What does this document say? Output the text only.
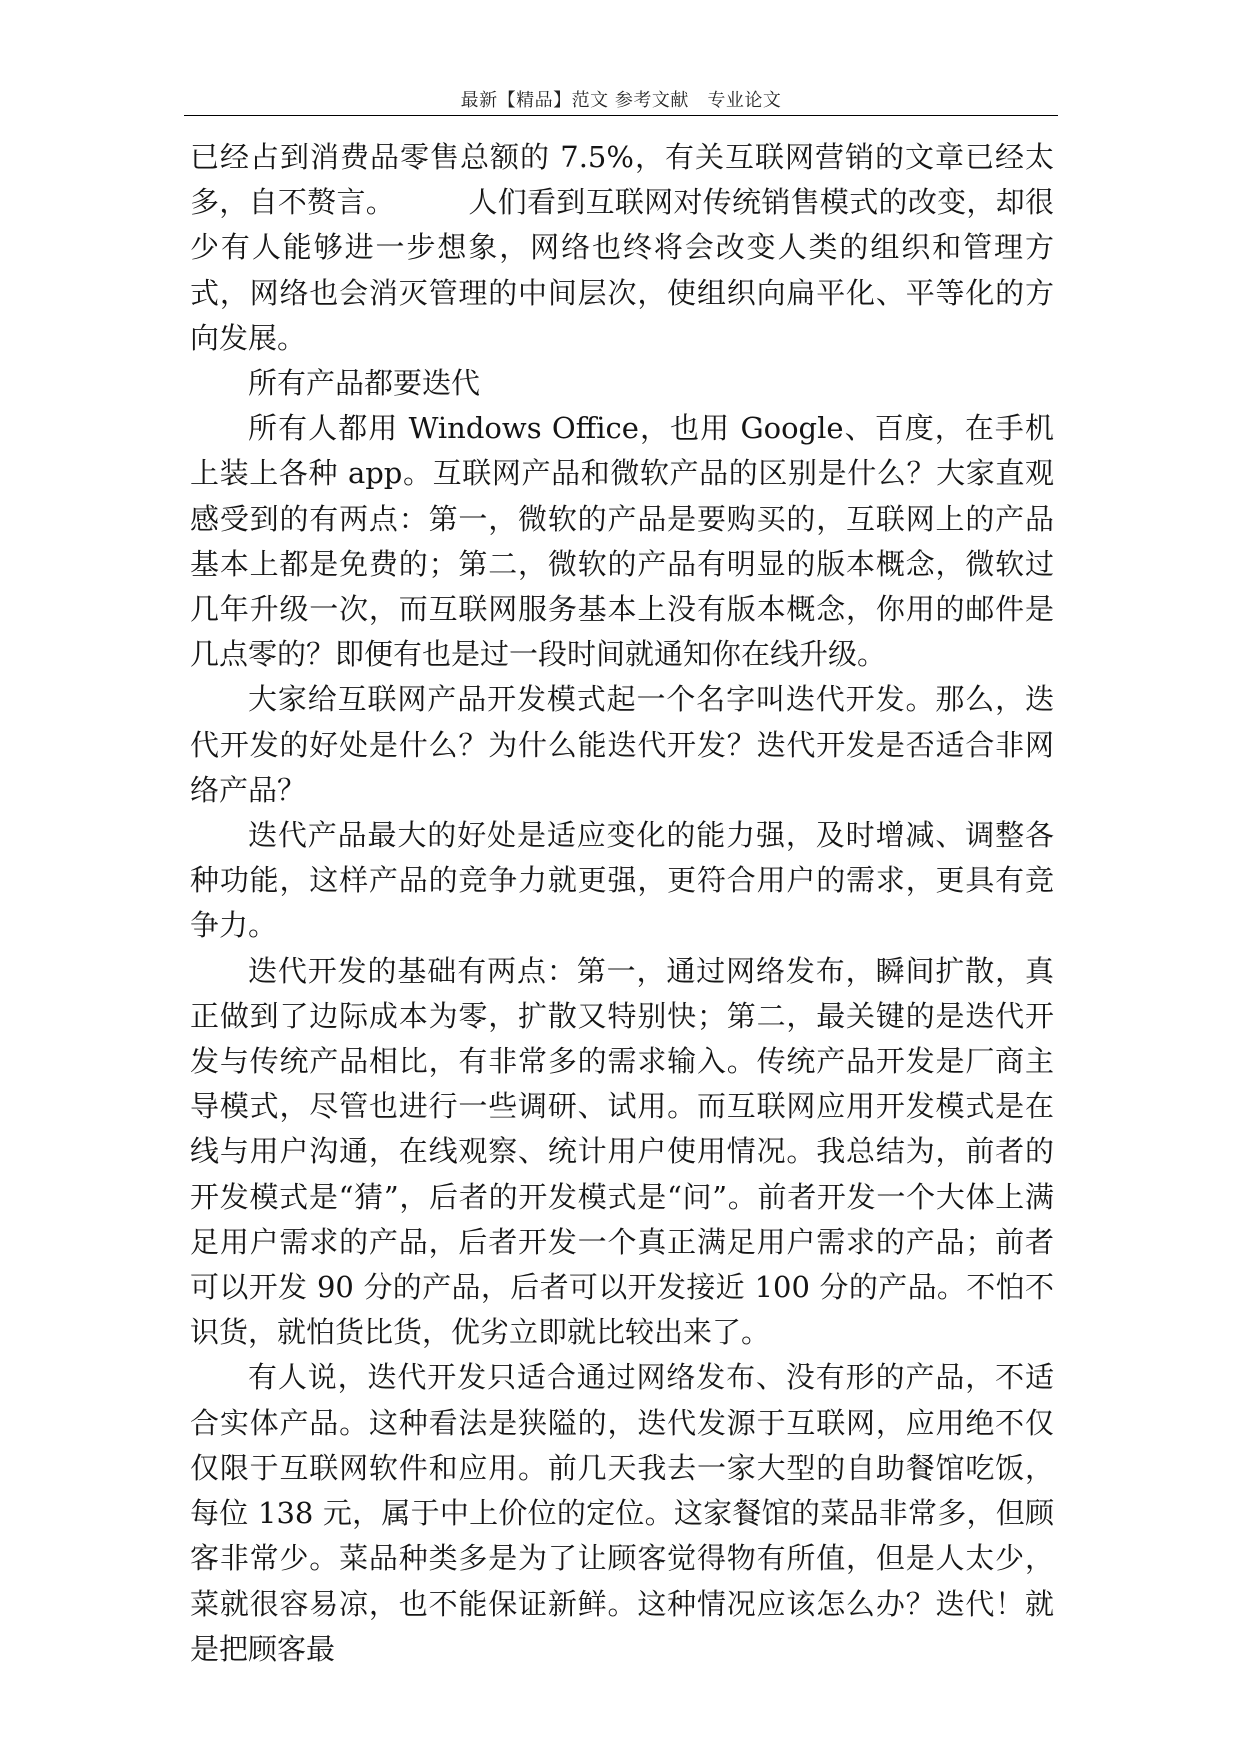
最新【精品】范文 参考文献　专业论文

已经占到消费品零售总额的 7.5%，有关互联网营销的文章已经太多，自不赘言。　　　人们看到互联网对传统销售模式的改变，却很少有人能够进一步想象，网络也终将会改变人类的组织和管理方式，网络也会消灭管理的中间层次，使组织向扁平化、平等化的方向发展。

所有产品都要迭代

所有人都用 Windows Office，也用 Google、百度，在手机上装上各种 app。互联网产品和微软产品的区别是什么？大家直观感受到的有两点：第一，微软的产品是要购买的，互联网上的产品基本上都是免费的；第二，微软的产品有明显的版本概念，微软过几年升级一次，而互联网服务基本上没有版本概念，你用的邮件是几点零的？即便有也是过一段时间就通知你在线升级。

大家给互联网产品开发模式起一个名字叫迭代开发。那么，迭代开发的好处是什么？为什么能迭代开发？迭代开发是否适合非网络产品？

迭代产品最大的好处是适应变化的能力强，及时增减、调整各种功能，这样产品的竞争力就更强，更符合用户的需求，更具有竞争力。

迭代开发的基础有两点：第一，通过网络发布，瞬间扩散，真正做到了边际成本为零，扩散又特别快；第二，最关键的是迭代开发与传统产品相比，有非常多的需求输入。传统产品开发是厂商主导模式，尽管也进行一些调研、试用。而互联网应用开发模式是在线与用户沟通，在线观察、统计用户使用情况。我总结为，前者的开发模式是“猜”，后者的开发模式是“问”。前者开发一个大体上满足用户需求的产品，后者开发一个真正满足用户需求的产品；前者可以开发 90 分的产品，后者可以开发接近 100 分的产品。不怕不识货，就怕货比货，优劣立即就比较出来了。

有人说，迭代开发只适合通过网络发布、没有形的产品，不适合实体产品。这种看法是狭隘的，迭代发源于互联网，应用绝不仅仅限于互联网软件和应用。前几天我去一家大型的自助餐馆吃饭，每位 138 元，属于中上价位的定位。这家餐馆的菜品非常多，但顾客非常少。菜品种类多是为了让顾客觉得物有所值，但是人太少，菜就很容易凉，也不能保证新鲜。这种情况应该怎么办？迭代！就是把顾客最
